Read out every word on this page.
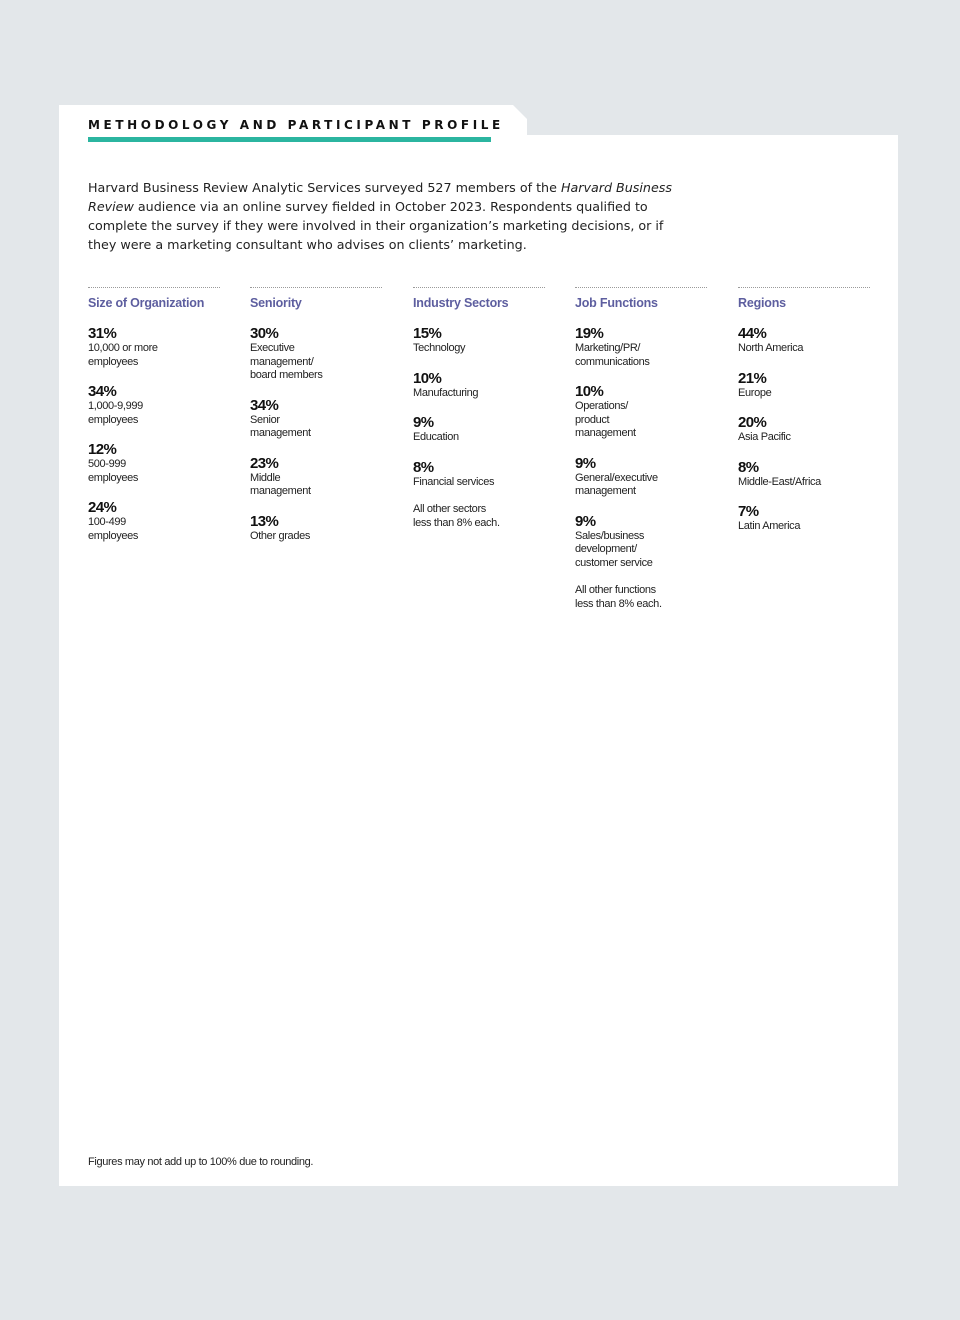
METHODOLOGY AND PARTICIPANT PROFILE

Harvard Business Review Analytic Services surveyed 527 members of the Harvard Business Review audience via an online survey fielded in October 2023. Respondents qualified to complete the survey if they were involved in their organization’s marketing decisions, or if they were a marketing consultant who advises on clients’ marketing.

Size of Organization
31%
10,000 or more
employees
34%
1,000-9,999
employees
12%
500-999
employees
24%
100-499
employees
Seniority
30%
Executive
management/
board members
34%
Senior
management
23%
Middle
management
13%
Other grades
Industry Sectors
15%
Technology
10%
Manufacturing
9%
Education
8%
Financial services
All other sectors
less than 8% each.
Job Functions
19%
Marketing/PR/
communications
10%
Operations/
product
management
9%
General/executive
management
9%
Sales/business
development/
customer service
All other functions
less than 8% each.
Regions
44%
North America
21%
Europe
20%
Asia Pacific
8%
Middle-East/Africa
7%
Latin America

Figures may not add up to 100% due to rounding.
